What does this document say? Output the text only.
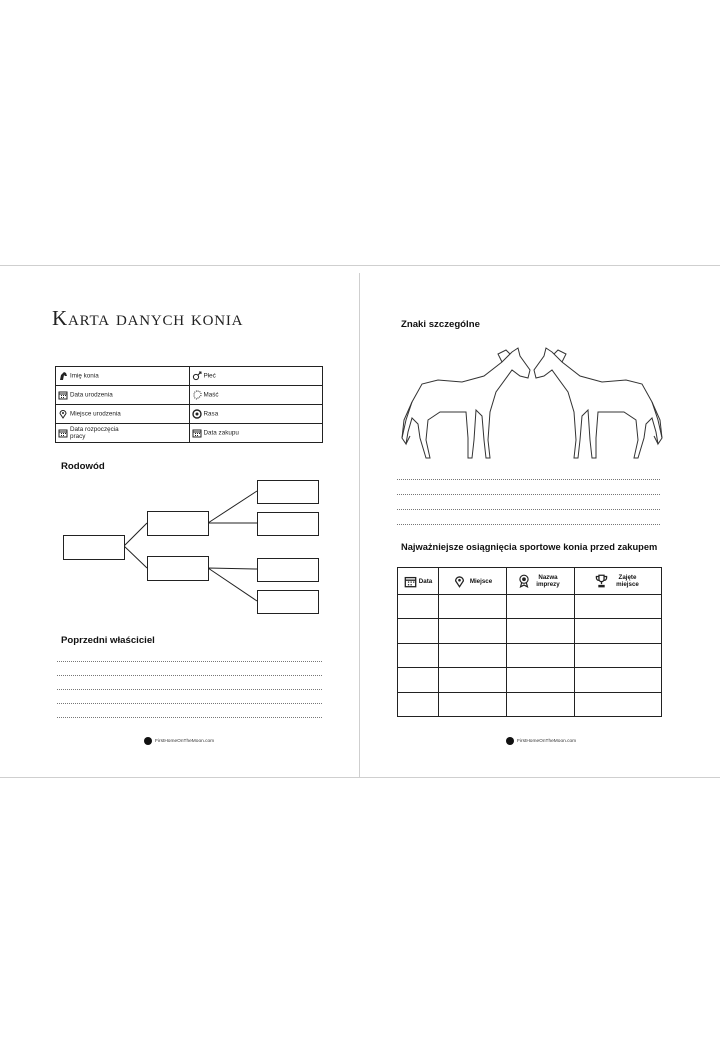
Karta danych konia
Imię konia	Płeć
Data urodzenia	Maść
Miejsce urodzenia	Rasa

Data rozpoczęcia pracy	Data zakupu
Rodowód
Poprzedni właściciel
FirstHomeOnTheMoon.com
Znaki szczególne
Najważniejsze osiągnięcia sportowe konia przed zakupem
Data	Miejsce	Nazwa imprezy	Zajęte miejsce

FirstHomeOnTheMoon.com
